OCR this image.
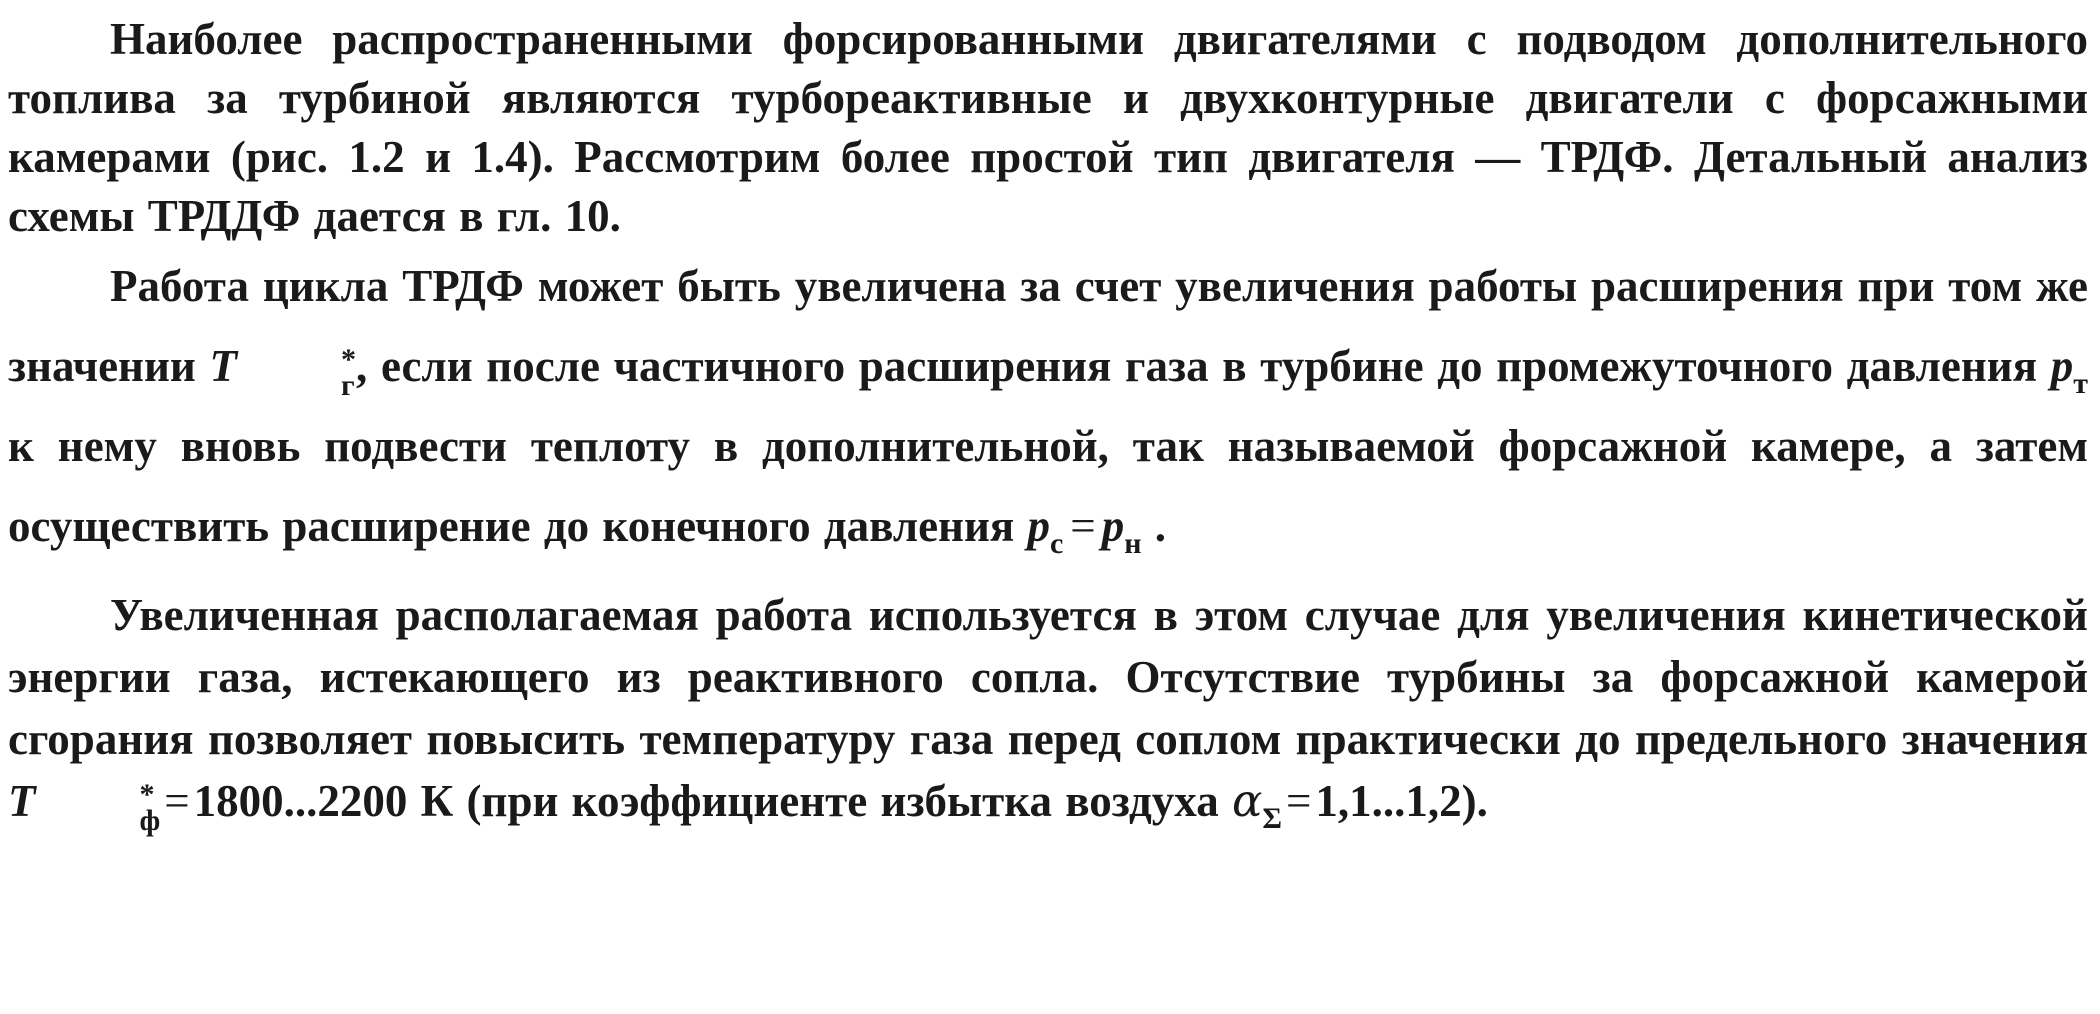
Наиболее распространенными форсированными двигателями с подводом дополнительного топлива за турбиной являются турбореактивные и двухконтурные двигатели с форсажными камерами (рис. 1.2 и 1.4). Рассмотрим более простой тип двигателя — ТРДФ. Детальный анализ схемы ТРДДФ дается в гл. 10.

Работа цикла ТРДФ может быть увеличена за счет увеличения работы расширения при том же значении T	*
г , если после частичного расширения газа в турбине до промежуточного давления $p_т$ к нему вновь подвести теплоту в дополнительной, так называемой форсажной камере, а затем осуществить расширение до конечного давления $p_с=p_н$ .

Увеличенная располагаемая работа используется в этом случае для увеличения кинетической энергии газа, истекающего из реактивного сопла. Отсутствие турбины за форсажной камерой сгорания позволяет повысить температуру газа перед соплом практически до предельного значения T	*
ф =1800...2200 К (при коэффициенте избытка воздуха $\alpha_\Sigma=1,1...1,2$).
